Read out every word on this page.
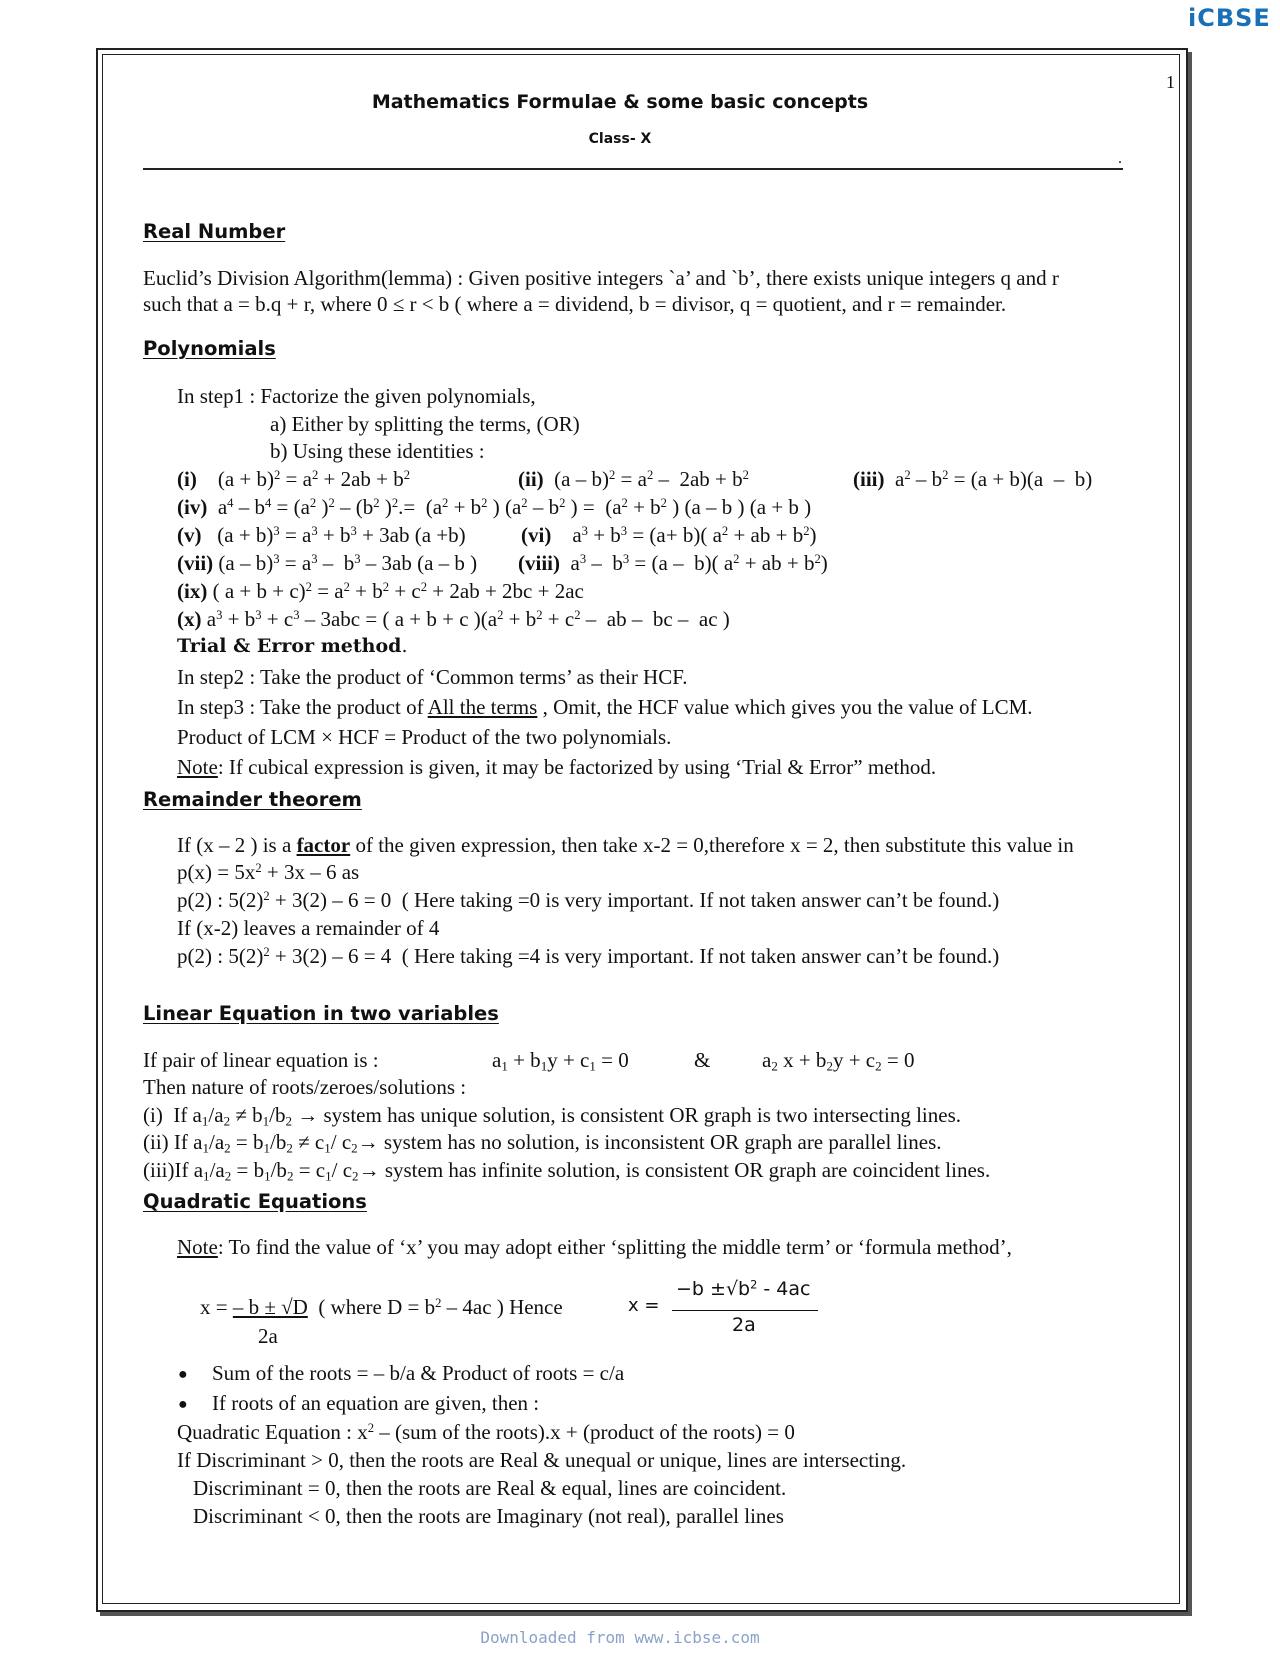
iCBSE
1
Mathematics Formulae & some basic concepts
Class- X
.
Real Number
Euclid’s Division Algorithm(lemma) : Given positive integers `a’ and `b’, there exists unique integers q and r
such that a = b.q + r, where 0 ≤ r < b ( where a = dividend, b = divisor, q = quotient, and r = remainder.
Polynomials
In step1 : Factorize the given polynomials,
a) Either by splitting the terms, (OR)
b) Using these identities :
(i)    $(a + b)^2 = a^2 + 2ab + b^2$	(ii)  $(a - b)^2 = a^2 - 2ab + b^2$	(iii)  $a^2 - b^2 = (a + b)(a - b)$
(iv)  $a^4 - b^4 = (a^2$ )$^2 - (b^2$ )$^2.= (a^2 + b^2$ ) ($a^2 - b^2$ ) =  ($a^2 + b^2$ ) (a – b ) (a + b )
(v)   $(a + b)^3 = a^3 + b^3 + 3ab$ (a +b)	(vi)    $a^3 + b^3 = (a+ b)$( $a^2$ + ab + $b^2$)
(vii) $(a - b)^3 = a^3 - b^3 - 3ab$ (a – b ) (viii)  $a^3 - b^3 = (a - b)$( $a^2$ + ab + $b^2$)
(ix) ( $a + b + c)^2 = a^2 + b^2 + c^2 + 2ab + 2bc + 2ac$
(x) $a^3 + b^3 + c^3 - 3abc$ = ( a + b + c )($a^2 + b^2 + c^2$ –  ab –  bc –  ac )
Trial & Error method.
In step2 : Take the product of ‘Common terms’ as their HCF.
In step3 : Take the product of All the terms , Omit, the HCF value which gives you the value of LCM.
Product of LCM × HCF = Product of the two polynomials.
Note: If cubical expression is given, it may be factorized by using ‘Trial & Error” method.
Remainder theorem
If (x – 2 ) is a factor of the given expression, then take x-2 = 0,therefore x = 2, then substitute this value in
$p(x) = 5x^2 + 3x - 6$ as
p(2) : $5(2)^2 + 3(2) - 6 = 0$  ( Here taking =0 is very important. If not taken answer can’t be found.)
If (x-2) leaves a remainder of 4
p(2) : $5(2)^2 + 3(2) - 6 = 4$  ( Here taking =4 is very important. If not taken answer can’t be found.)
Linear Equation in two variables
If pair of linear equation is :	$a_1 + b_1y + c_1 = 0$	& $a_2$ $x + b_2y + c_2 = 0$
Then nature of roots/zeroes/solutions :
(i)  If $a_1/a_2 \ne b_1/b_2$ → system has unique solution, is consistent OR graph is two intersecting lines.
(ii) If $a_1/a_2 = b_1/b_2 \ne c_1/$ $c_2\to$ system has no solution, is inconsistent OR graph are parallel lines.
(iii)If $a_1/a_2 = b_1/b_2 = c_1/$ $c_2\to$ system has infinite solution, is consistent OR graph are coincident lines.
Quadratic Equations
Note: To find the value of ‘x’ you may adopt either ‘splitting the middle term’ or ‘formula method’,
x = – b ± √D  ( where $D = b^2 - 4ac$ ) Hence
2a
x =
$-b \pm√b^2 - 4ac$
2a
● Sum of the roots = – b/a & Product of roots = c/a
● If roots of an equation are given, then :
Quadratic Equation : $x^2 - (sum$ of the roots).x + (product of the roots) = 0
If Discriminant > 0, then the roots are Real & unequal or unique, lines are intersecting.
Discriminant = 0, then the roots are Real & equal, lines are coincident.
Discriminant < 0, then the roots are Imaginary (not real), parallel lines
Downloaded from www.icbse.com
